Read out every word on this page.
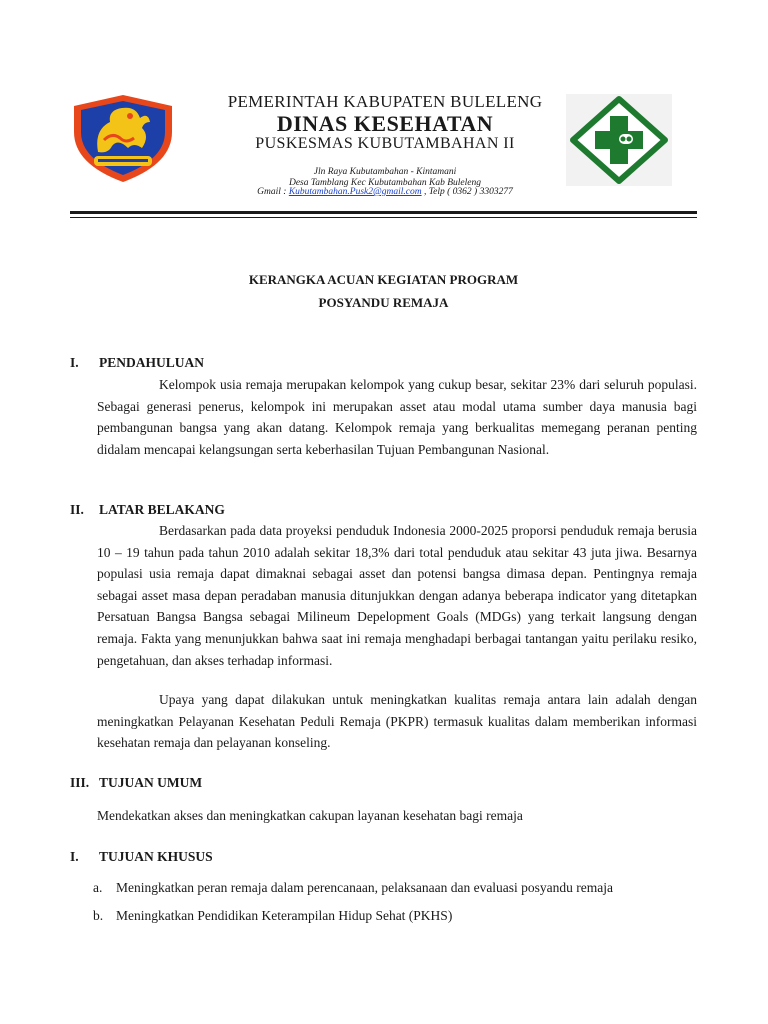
PEMERINTAH KABUPATEN BULELENG
DINAS KESEHATAN
PUSKESMAS KUBUTAMBAHAN II
Jln Raya Kubutambahan - Kintamani
Desa Tamblang Kec Kubutambahan Kab Buleleng
Gmail : Kubutambahan.Pusk2@gmail.com , Telp ( 0362 ) 3303277
KERANGKA ACUAN KEGIATAN PROGRAM
POSYANDU REMAJA
I. PENDAHULUAN
Kelompok usia remaja merupakan kelompok yang cukup besar, sekitar 23% dari seluruh populasi. Sebagai generasi penerus, kelompok ini merupakan asset atau modal utama sumber daya manusia bagi pembangunan bangsa yang akan datang. Kelompok remaja yang berkualitas memegang peranan penting didalam mencapai kelangsungan serta keberhasilan Tujuan Pembangunan Nasional.
II. LATAR BELAKANG
Berdasarkan pada data proyeksi penduduk Indonesia 2000-2025 proporsi penduduk remaja berusia 10 – 19 tahun pada tahun 2010 adalah sekitar 18,3% dari total penduduk atau sekitar 43 juta jiwa. Besarnya populasi usia remaja dapat dimaknai sebagai asset dan potensi bangsa dimasa depan. Pentingnya remaja sebagai asset masa depan peradaban manusia ditunjukkan dengan adanya beberapa indicator yang ditetapkan Persatuan Bangsa Bangsa sebagai Milineum Depelopment Goals (MDGs) yang terkait langsung dengan remaja. Fakta yang menunjukkan bahwa saat ini remaja menghadapi berbagai tantangan yaitu perilaku resiko, pengetahuan, dan akses terhadap informasi.
Upaya yang dapat dilakukan untuk meningkatkan kualitas remaja antara lain adalah dengan meningkatkan Pelayanan Kesehatan Peduli Remaja (PKPR) termasuk kualitas dalam memberikan informasi kesehatan remaja dan pelayanan konseling.
III. TUJUAN UMUM
Mendekatkan akses dan meningkatkan cakupan layanan kesehatan bagi remaja
I. TUJUAN KHUSUS
a. Meningkatkan peran remaja dalam perencanaan, pelaksanaan dan evaluasi posyandu remaja
b. Meningkatkan Pendidikan Keterampilan Hidup Sehat (PKHS)
